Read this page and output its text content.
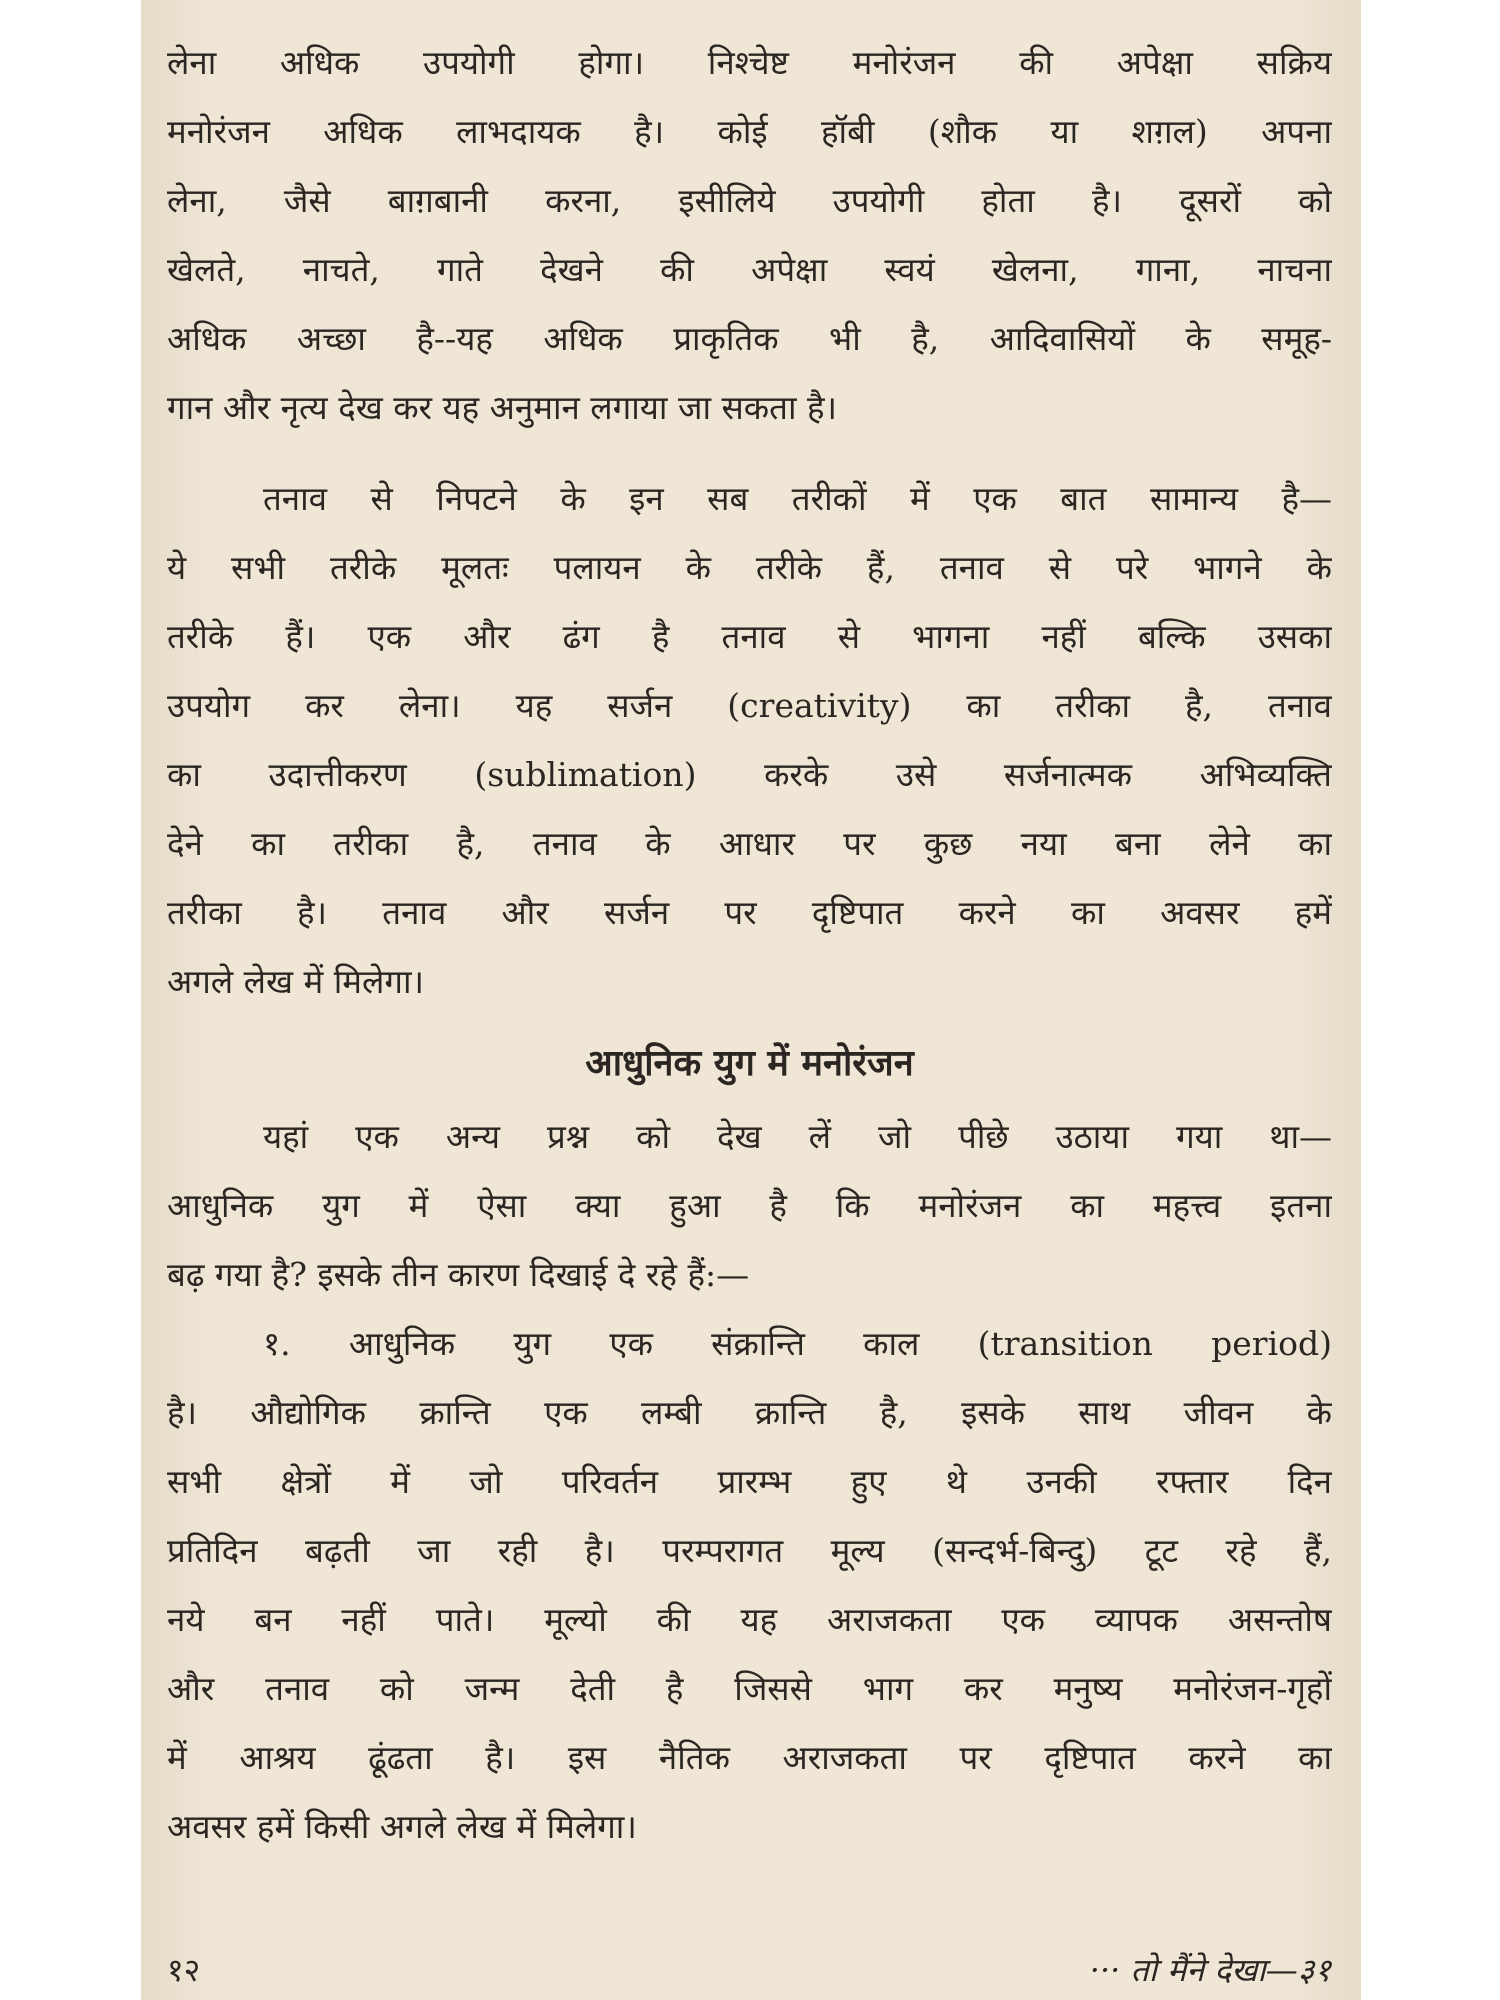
लेना अधिक उपयोगी होगा। निश्चेष्ट मनोरंजन की अपेक्षा सक्रिय
मनोरंजन अधिक लाभदायक है। कोई हॉबी (शौक या शग़ल) अपना
लेना, जैसे बाग़बानी करना, इसीलिये उपयोगी होता है। दूसरों को
खेलते, नाचते, गाते देखने की अपेक्षा स्वयं खेलना, गाना, नाचना
अधिक अच्छा है--यह अधिक प्राकृतिक भी है, आदिवासियों के समूह-
गान और नृत्य देख कर यह अनुमान लगाया जा सकता है।
तनाव से निपटने के इन सब तरीकों में एक बात सामान्य है—
ये सभी तरीके मूलतः पलायन के तरीके हैं, तनाव से परे भागने के
तरीके हैं। एक और ढंग है तनाव से भागना नहीं बल्कि उसका
उपयोग कर लेना। यह सर्जन (creativity) का तरीका है, तनाव
का उदात्तीकरण (sublimation) करके उसे सर्जनात्मक अभिव्यक्ति
देने का तरीका है, तनाव के आधार पर कुछ नया बना लेने का
तरीका है। तनाव और सर्जन पर दृष्टिपात करने का अवसर हमें
अगले लेख में मिलेगा।
आधुनिक युग में मनोरंजन
यहां एक अन्य प्रश्न को देख लें जो पीछे उठाया गया था—
आधुनिक युग में ऐसा क्या हुआ है कि मनोरंजन का महत्त्व इतना
बढ़ गया है? इसके तीन कारण दिखाई दे रहे हैं:—
१. आधुनिक युग एक संक्रान्ति काल (transition period)
है। औद्योगिक क्रान्ति एक लम्बी क्रान्ति है, इसके साथ जीवन के
सभी क्षेत्रों में जो परिवर्तन प्रारम्भ हुए थे उनकी रफ्तार दिन
प्रतिदिन बढ़ती जा रही है। परम्परागत मूल्य (सन्दर्भ-बिन्दु) टूट रहे हैं,
नये बन नहीं पाते। मूल्यो की यह अराजकता एक व्यापक असन्तोष
और तनाव को जन्म देती है जिससे भाग कर मनुष्य मनोरंजन-गृहों
में आश्रय ढूंढता है। इस नैतिक अराजकता पर दृष्टिपात करने का
अवसर हमें किसी अगले लेख में मिलेगा।
१२	··· तो मैंने देखा—३१
